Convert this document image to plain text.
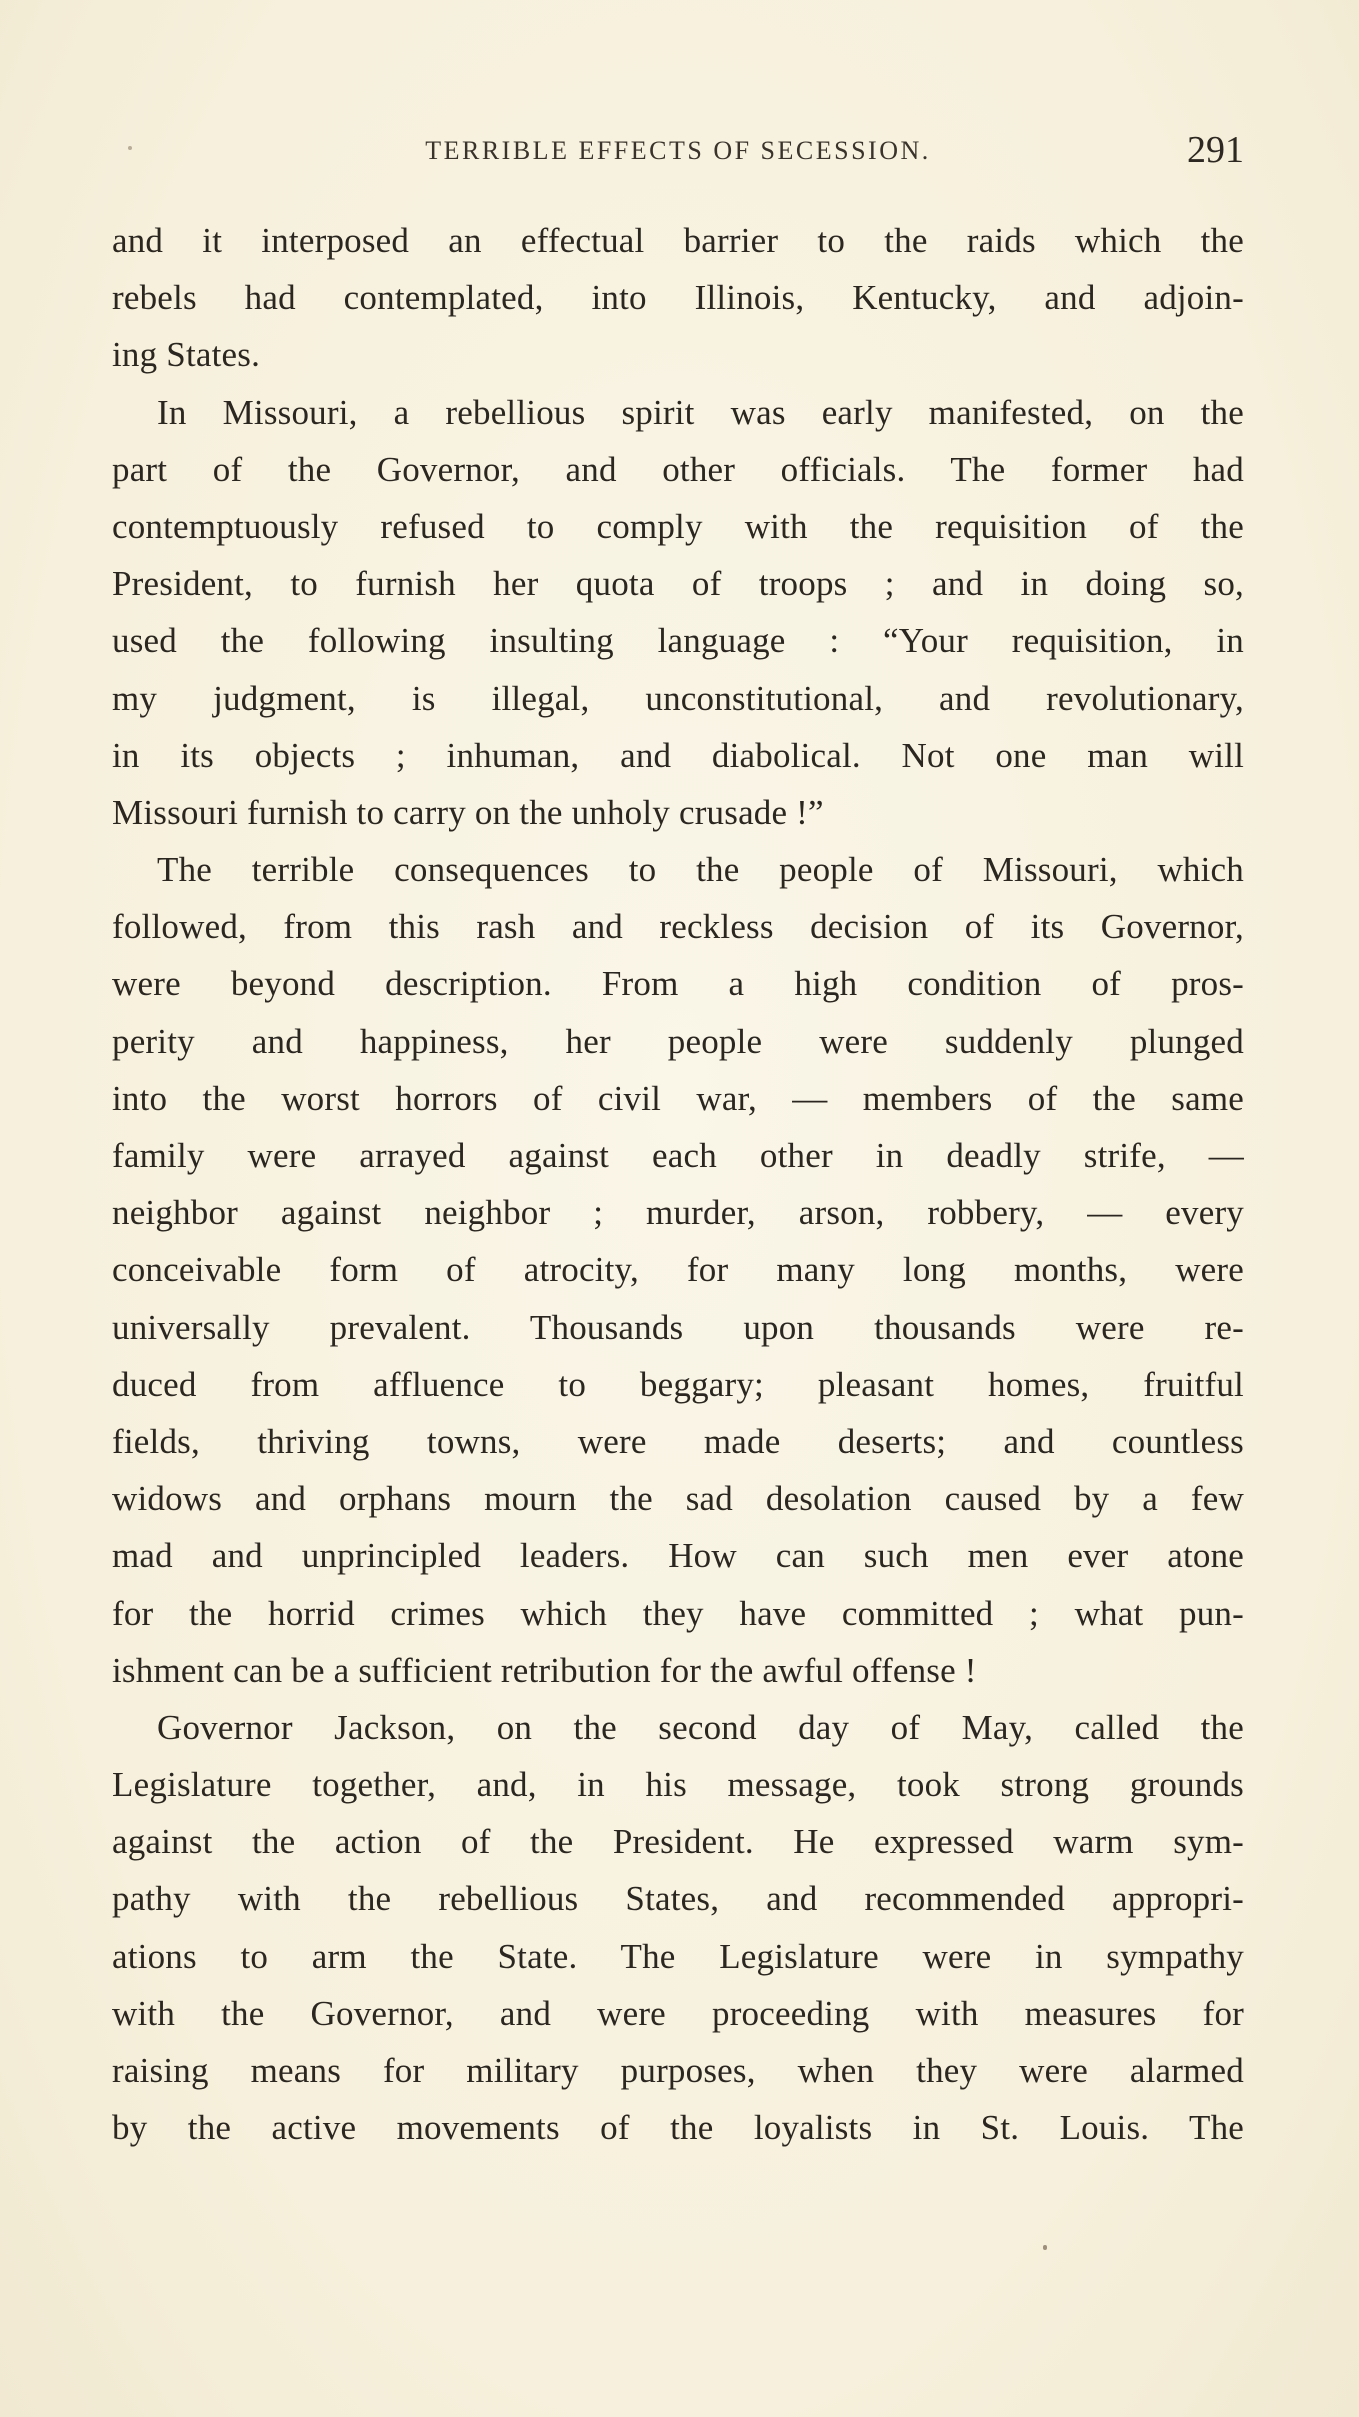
TERRIBLE EFFECTS OF SECESSION.	291
and it interposed an effectual barrier to the raids which the
rebels had contemplated, into Illinois, Kentucky, and adjoin-
ing States.
In Missouri, a rebellious spirit was early manifested, on the
part of the Governor, and other officials. The former had
contemptuously refused to comply with the requisition of the
President, to furnish her quota of troops ; and in doing so,
used the following insulting language : “Your requisition, in
my judgment, is illegal, unconstitutional, and revolutionary,
in its objects ; inhuman, and diabolical. Not one man will
Missouri furnish to carry on the unholy crusade !”
The terrible consequences to the people of Missouri, which
followed, from this rash and reckless decision of its Governor,
were beyond description. From a high condition of pros-
perity and happiness, her people were suddenly plunged
into the worst horrors of civil war, — members of the same
family were arrayed against each other in deadly strife, —
neighbor against neighbor ; murder, arson, robbery, — every
conceivable form of atrocity, for many long months, were
universally prevalent. Thousands upon thousands were re-
duced from affluence to beggary; pleasant homes, fruitful
fields, thriving towns, were made deserts; and countless
widows and orphans mourn the sad desolation caused by a few
mad and unprincipled leaders. How can such men ever atone
for the horrid crimes which they have committed ; what pun-
ishment can be a sufficient retribution for the awful offense !
Governor Jackson, on the second day of May, called the
Legislature together, and, in his message, took strong grounds
against the action of the President. He expressed warm sym-
pathy with the rebellious States, and recommended appropri-
ations to arm the State. The Legislature were in sympathy
with the Governor, and were proceeding with measures for
raising means for military purposes, when they were alarmed
by the active movements of the loyalists in St. Louis. The
